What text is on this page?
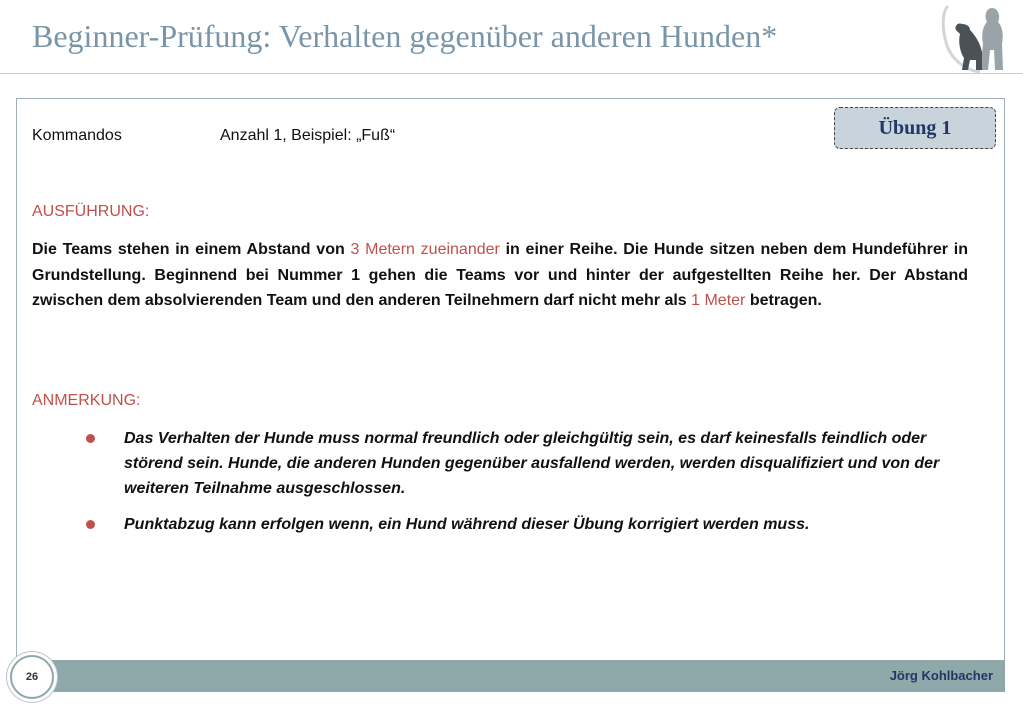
Beginner-Prüfung: Verhalten gegenüber anderen Hunden*
Übung 1
Kommandos	Anzahl 1, Beispiel: „Fuß“
AUSFÜHRUNG:
Die Teams stehen in einem Abstand von 3 Metern zueinander in einer Reihe. Die Hunde sitzen neben dem Hundeführer in Grundstellung. Beginnend bei Nummer 1 gehen die Teams vor und hinter der aufgestellten Reihe her. Der Abstand zwischen dem absolvierenden Team und den anderen Teilnehmern darf nicht mehr als 1 Meter betragen.
ANMERKUNG:
Das Verhalten der Hunde muss normal freundlich oder gleichgültig sein, es darf keinesfalls feindlich oder störend sein. Hunde, die anderen Hunden gegenüber ausfallend werden, werden disqualifiziert und von der weiteren Teilnahme ausgeschlossen.
Punktabzug kann erfolgen wenn, ein Hund während dieser Übung korrigiert werden muss.
Jörg Kohlbacher
26
